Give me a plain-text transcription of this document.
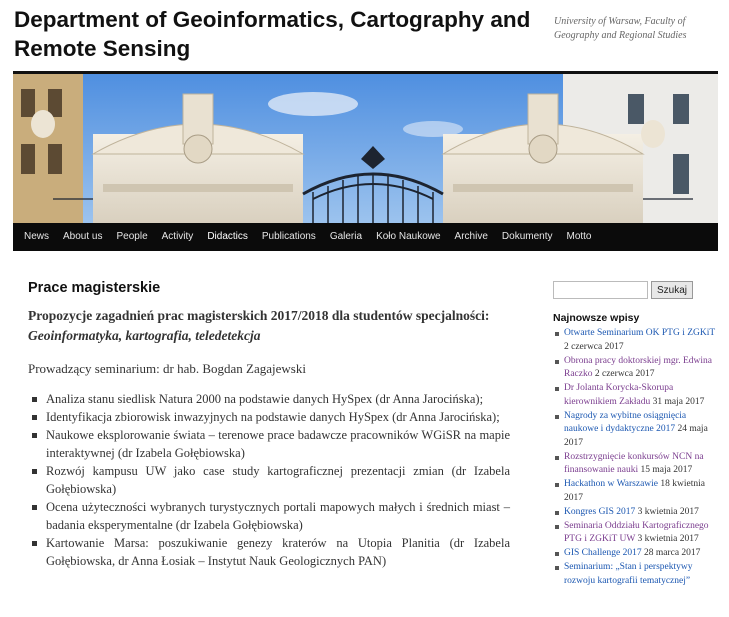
Department of Geoinformatics, Cartography and Remote Sensing
University of Warsaw, Faculty of Geography and Regional Studies
News	About us	People	Activity	Didactics	Publications	Galeria	Koło Naukowe	Archive	Dokumenty	Motto
Prace magisterskie

Propozycje zagadnień prac magisterskich 2017/2018 dla studentów specjalności: Geoinformatyka, kartografia, teledetekcja

Prowadzący seminarium: dr hab. Bogdan Zagajewski

Analiza stanu siedlisk Natura 2000 na podstawie danych HySpex (dr Anna Jarocińska);
Identyfikacja zbiorowisk inwazyjnych na podstawie danych HySpex (dr Anna Jarocińska);
Naukowe eksplorowanie świata – terenowe prace badawcze pracowników WGiSR na mapie interaktywnej (dr Izabela Gołębiowska)
Rozwój kampusu UW jako case study kartograficznej prezentacji zmian (dr Izabela Gołębiowska)
Ocena użyteczności wybranych turystycznych portali mapowych małych i średnich miast – badania eksperymentalne (dr Izabela Gołębiowska)
Kartowanie Marsa: poszukiwanie genezy kraterów na Utopia Planitia (dr Izabela Gołębiowska, dr Anna Łosiak – Instytut Nauk Geologicznych PAN)
Szukaj
Najnowsze wpisy
Otwarte Seminarium OK PTG i ZGKiT 2 czerwca 2017
Obrona pracy doktorskiej mgr. Edwina Raczko 2 czerwca 2017
Dr Jolanta Korycka-Skorupa kierownikiem Zakładu 31 maja 2017
Nagrody za wybitne osiągnięcia naukowe i dydaktyczne 2017 24 maja 2017
Rozstrzygnięcie konkursów NCN na finansowanie nauki 15 maja 2017
Hackathon w Warszawie 18 kwietnia 2017
Kongres GIS 2017 3 kwietnia 2017
Seminaria Oddziału Kartograficznego PTG i ZGKiT UW 3 kwietnia 2017
GIS Challenge 2017 28 marca 2017
Seminarium: „Stan i perspektywy rozwoju kartografii tematycznej”
